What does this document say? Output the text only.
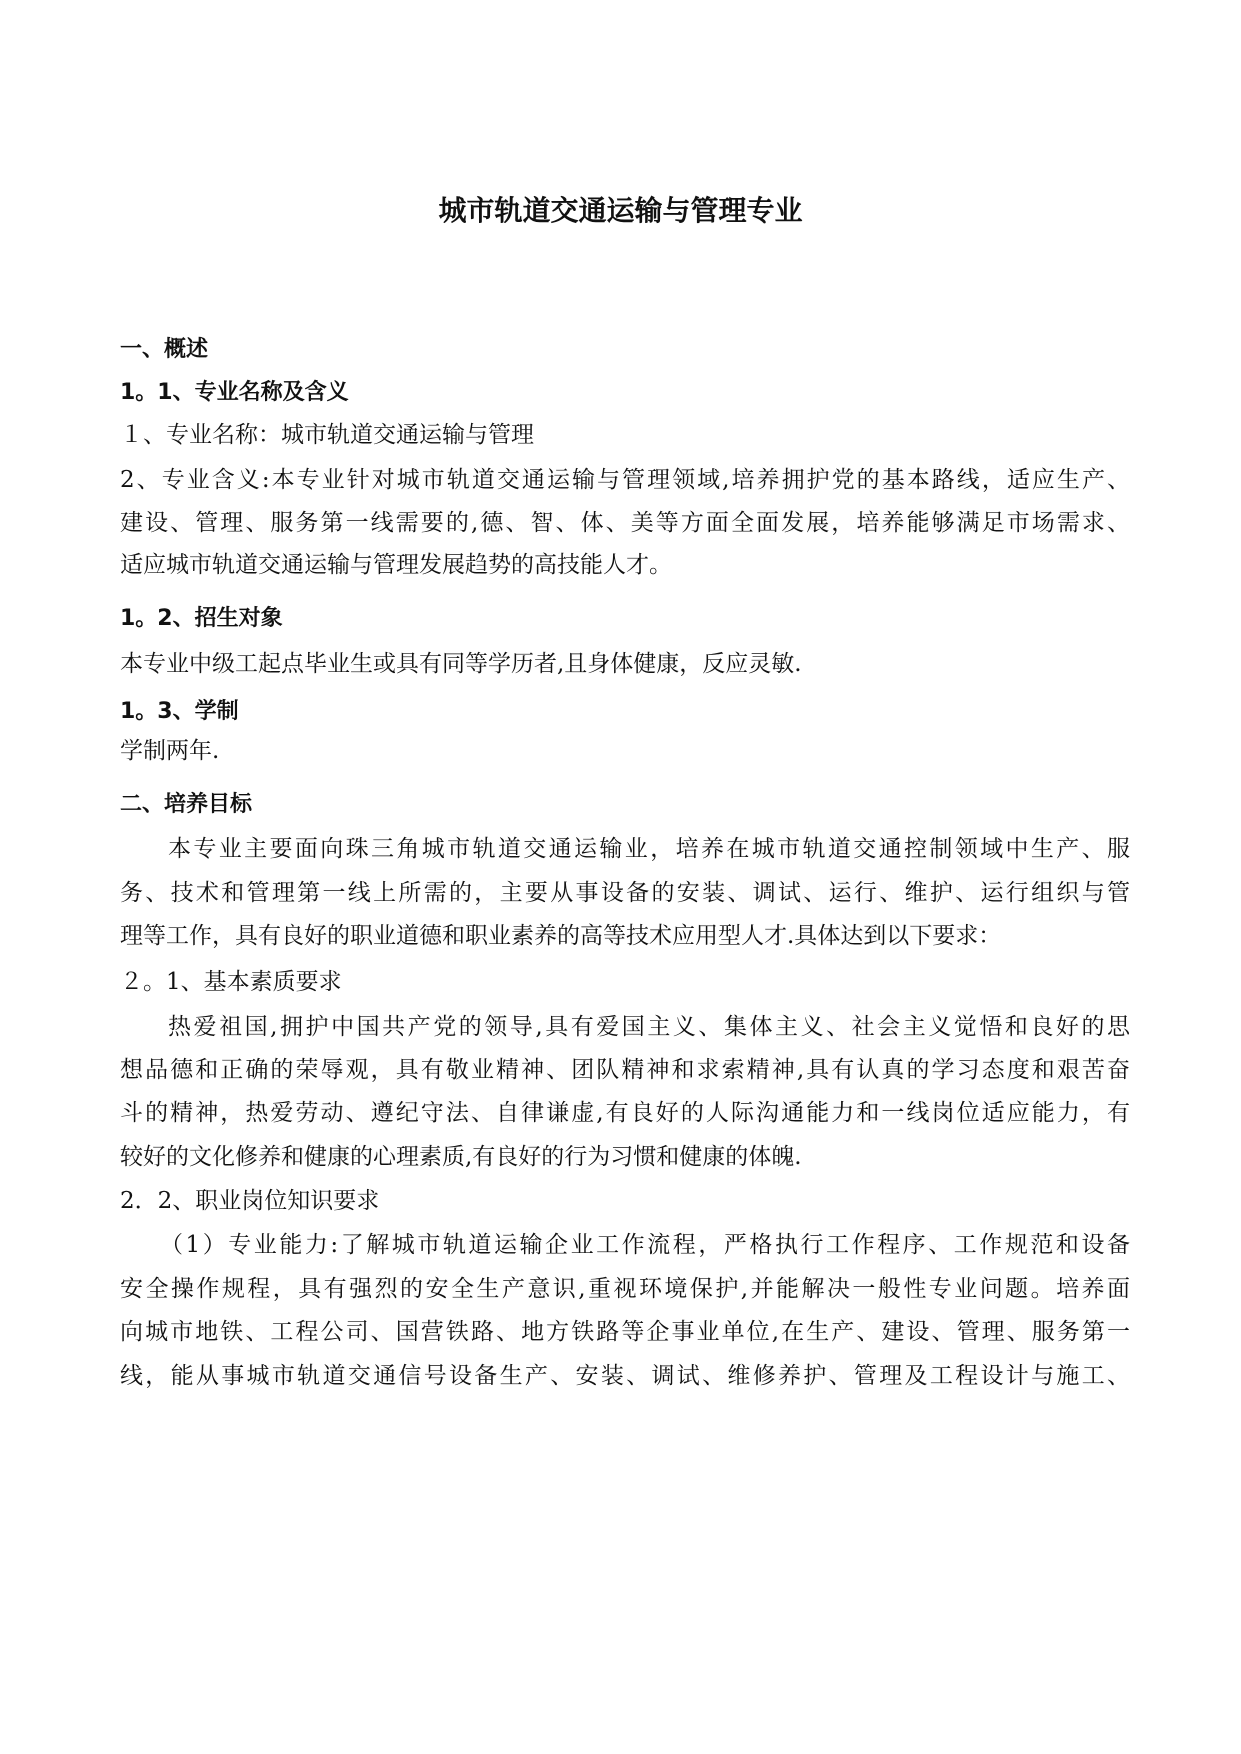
城市轨道交通运输与管理专业
一、概述
1。1、专业名称及含义
１、专业名称：城市轨道交通运输与管理
2、专业含义:本专业针对城市轨道交通运输与管理领域,培养拥护党的基本路线，适应生产、
建设、管理、服务第一线需要的,德、智、体、美等方面全面发展，培养能够满足市场需求、
适应城市轨道交通运输与管理发展趋势的高技能人才。
1。2、招生对象
本专业中级工起点毕业生或具有同等学历者,且身体健康，反应灵敏.
1。3、学制
学制两年.
二、培养目标
本专业主要面向珠三角城市轨道交通运输业，培养在城市轨道交通控制领域中生产、服
务、技术和管理第一线上所需的，主要从事设备的安装、调试、运行、维护、运行组织与管
理等工作，具有良好的职业道德和职业素养的高等技术应用型人才.具体达到以下要求：
２。1、基本素质要求
热爱祖国,拥护中国共产党的领导,具有爱国主义、集体主义、社会主义觉悟和良好的思
想品德和正确的荣辱观，具有敬业精神、团队精神和求索精神,具有认真的学习态度和艰苦奋
斗的精神，热爱劳动、遵纪守法、自律谦虚,有良好的人际沟通能力和一线岗位适应能力，有
较好的文化修养和健康的心理素质,有良好的行为习惯和健康的体魄.
2．2、职业岗位知识要求
（1）专业能力:了解城市轨道运输企业工作流程，严格执行工作程序、工作规范和设备
安全操作规程，具有强烈的安全生产意识,重视环境保护,并能解决一般性专业问题。培养面
向城市地铁、工程公司、国营铁路、地方铁路等企事业单位,在生产、建设、管理、服务第一
线，能从事城市轨道交通信号设备生产、安装、调试、维修养护、管理及工程设计与施工、
